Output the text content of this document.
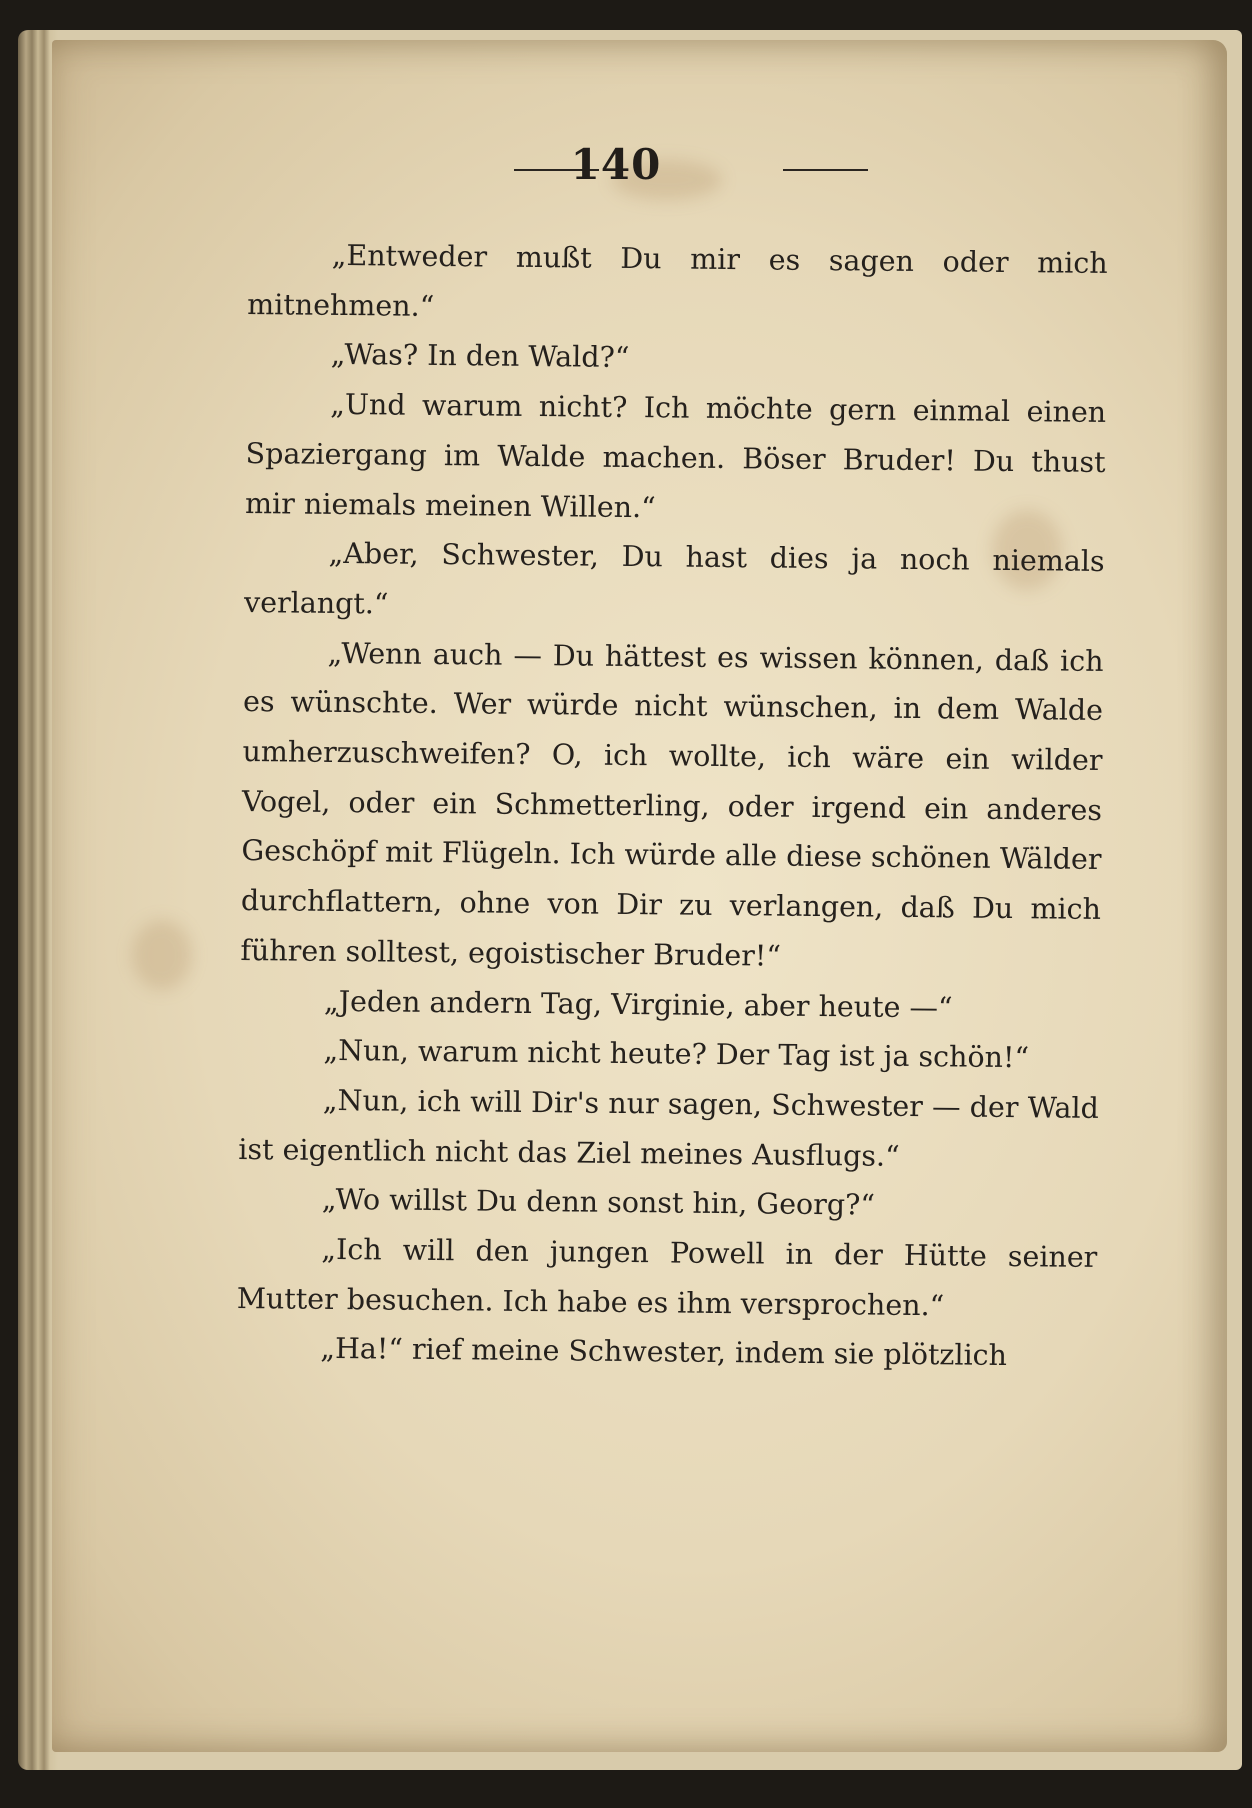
140

„Entweder mußt Du mir es sagen oder mich mitnehmen.“

„Was? In den Wald?“

„Und warum nicht? Ich möchte gern einmal einen Spaziergang im Walde machen. Böser Bruder! Du thust mir niemals meinen Willen.“

„Aber, Schwester, Du hast dies ja noch niemals verlangt.“

„Wenn auch — Du hättest es wissen können, daß ich es wünschte. Wer würde nicht wünschen, in dem Walde umherzuschweifen? O, ich wollte, ich wäre ein wilder Vogel, oder ein Schmetterling, oder irgend ein anderes Geschöpf mit Flügeln. Ich würde alle diese schönen Wälder durchflattern, ohne von Dir zu verlangen, daß Du mich führen solltest, egoistischer Bruder!“

„Jeden andern Tag, Virginie, aber heute —“

„Nun, warum nicht heute? Der Tag ist ja schön!“

„Nun, ich will Dir's nur sagen, Schwester — der Wald ist eigentlich nicht das Ziel meines Ausflugs.“

„Wo willst Du denn sonst hin, Georg?“

„Ich will den jungen Powell in der Hütte seiner Mutter besuchen. Ich habe es ihm versprochen.“

„Ha!“ rief meine Schwester, indem sie plötzlich
